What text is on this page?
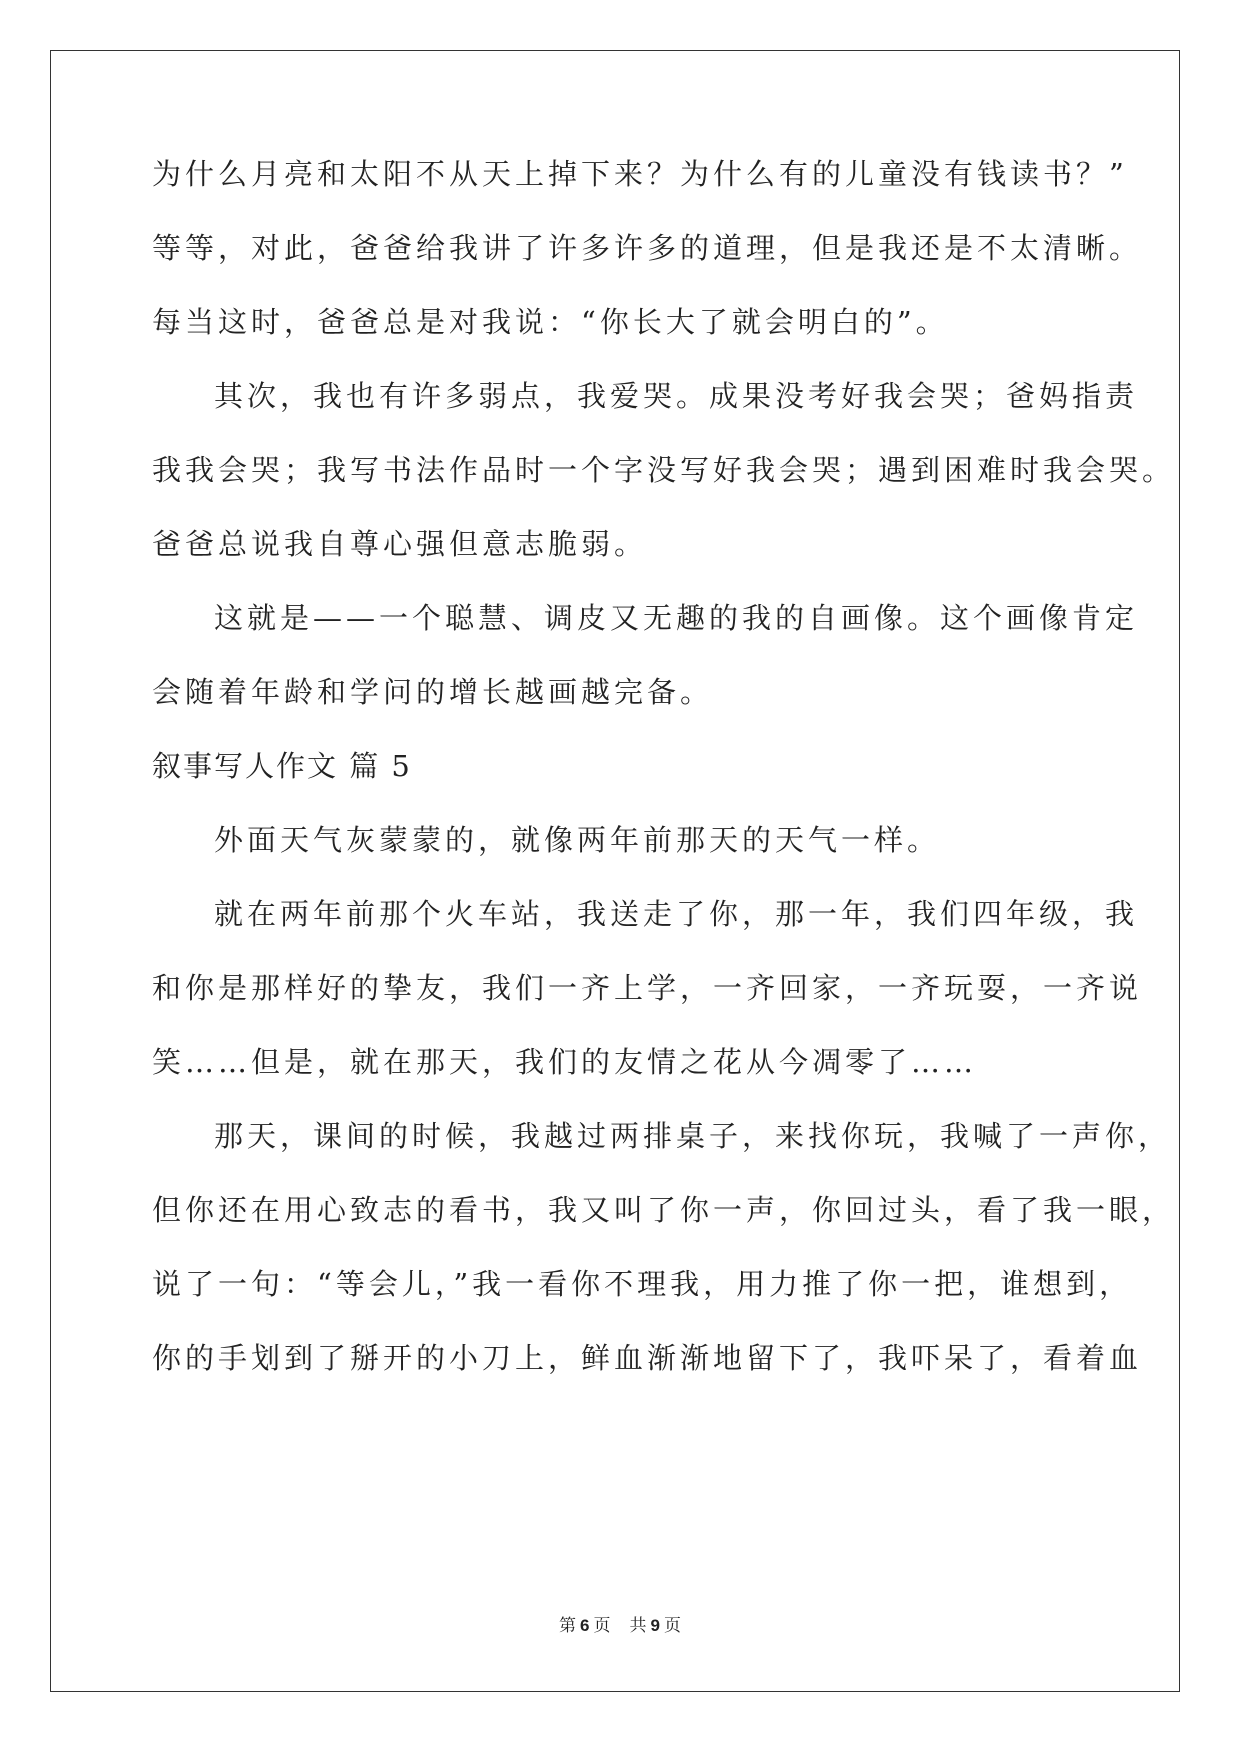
为什么月亮和太阳不从天上掉下来？为什么有的儿童没有钱读书？”
等等，对此，爸爸给我讲了许多许多的道理，但是我还是不太清晰。
每当这时，爸爸总是对我说：“你长大了就会明白的”。
其次，我也有许多弱点，我爱哭。成果没考好我会哭；爸妈指责
我我会哭；我写书法作品时一个字没写好我会哭；遇到困难时我会哭。
爸爸总说我自尊心强但意志脆弱。
这就是——一个聪慧、调皮又无趣的我的自画像。这个画像肯定
会随着年龄和学问的增长越画越完备。
叙事写人作文 篇 5
外面天气灰蒙蒙的，就像两年前那天的天气一样。
就在两年前那个火车站，我送走了你，那一年，我们四年级，我
和你是那样好的挚友，我们一齐上学，一齐回家，一齐玩耍，一齐说
笑……但是，就在那天，我们的友情之花从今凋零了……
那天，课间的时候，我越过两排桌子，来找你玩，我喊了一声你，
但你还在用心致志的看书，我又叫了你一声，你回过头，看了我一眼，
说了一句：“等会儿，”我一看你不理我，用力推了你一把，谁想到，
你的手划到了掰开的小刀上，鲜血渐渐地留下了，我吓呆了，看着血
第 6 页 共 9 页
